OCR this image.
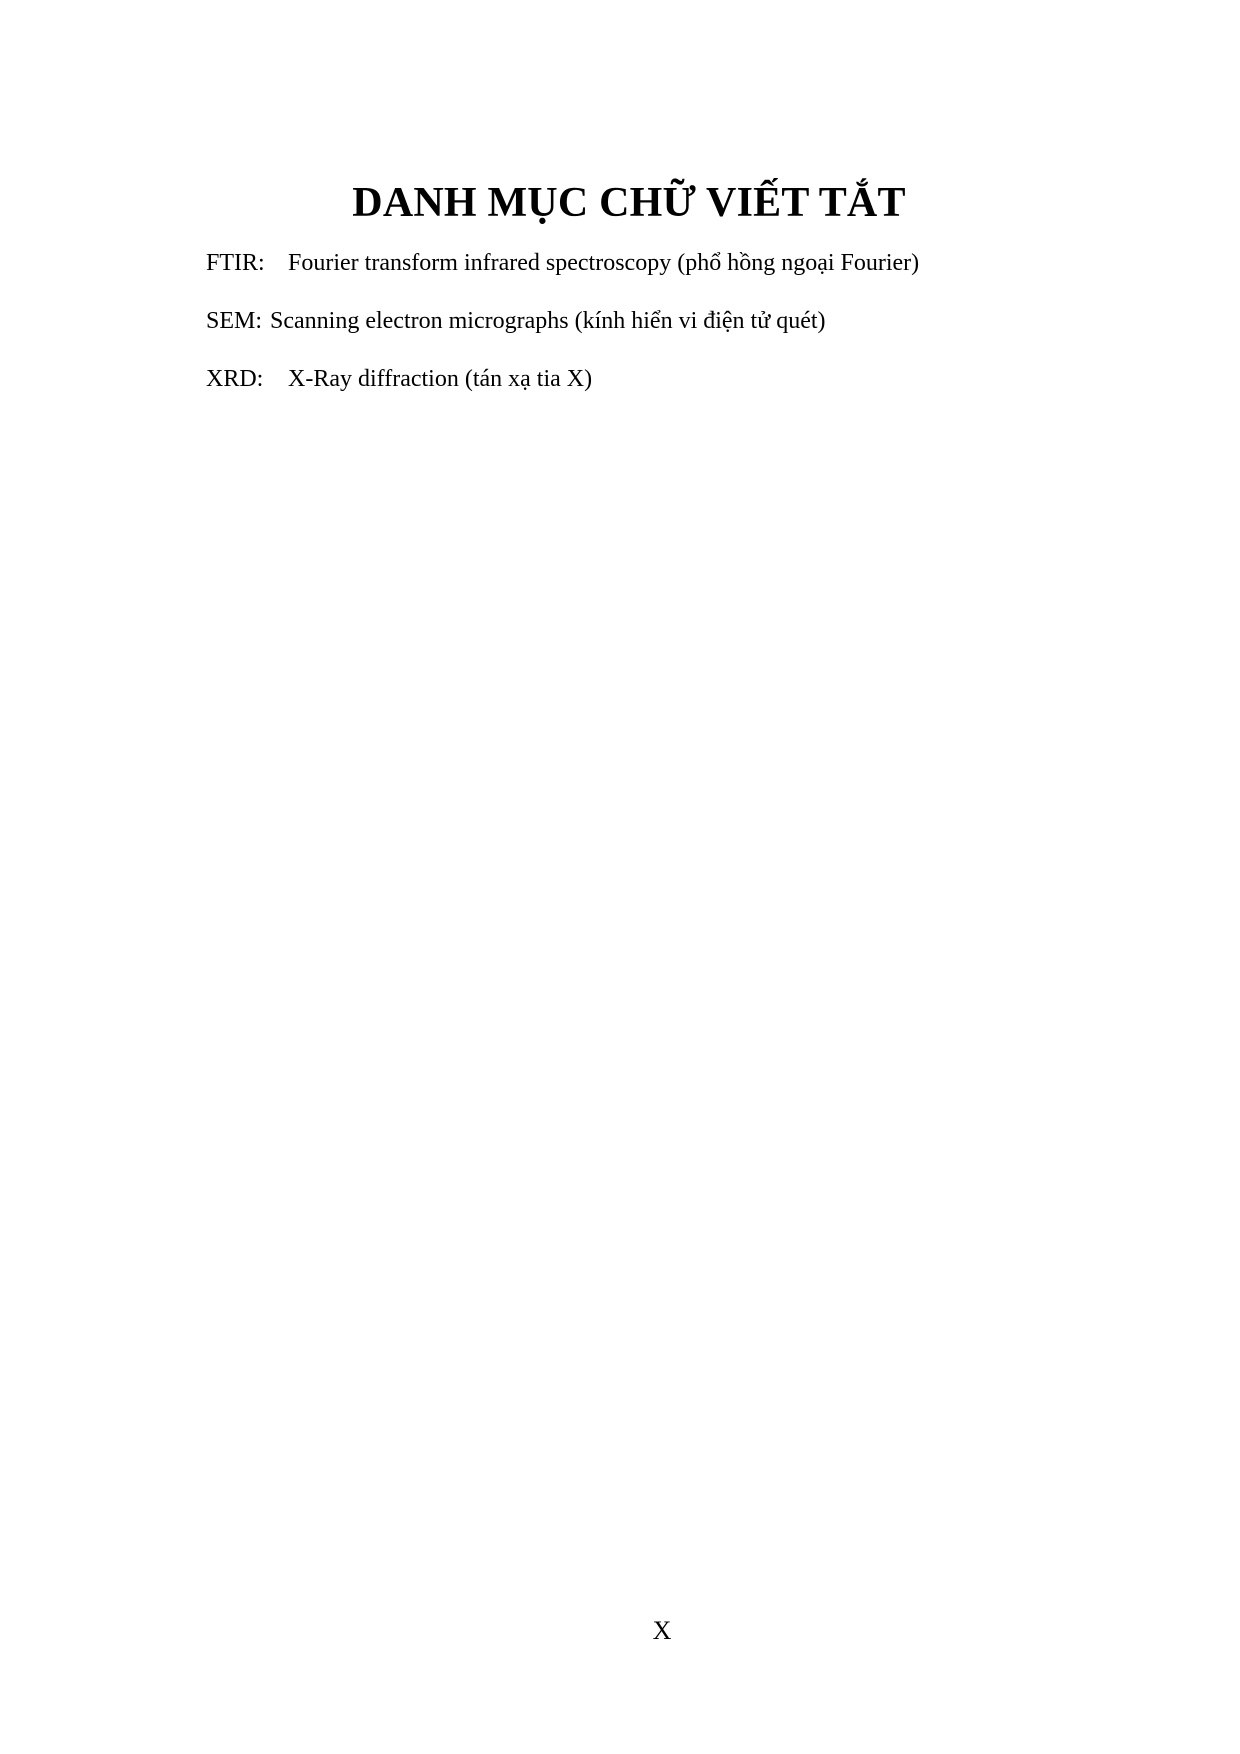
DANH MỤC CHỮ VIẾT TẮT
FTIR: Fourier transform infrared spectroscopy (phổ hồng ngoại Fourier)
SEM: Scanning electron micrographs (kính hiển vi điện tử quét)
XRD: X-Ray diffraction (tán xạ tia X)
X
